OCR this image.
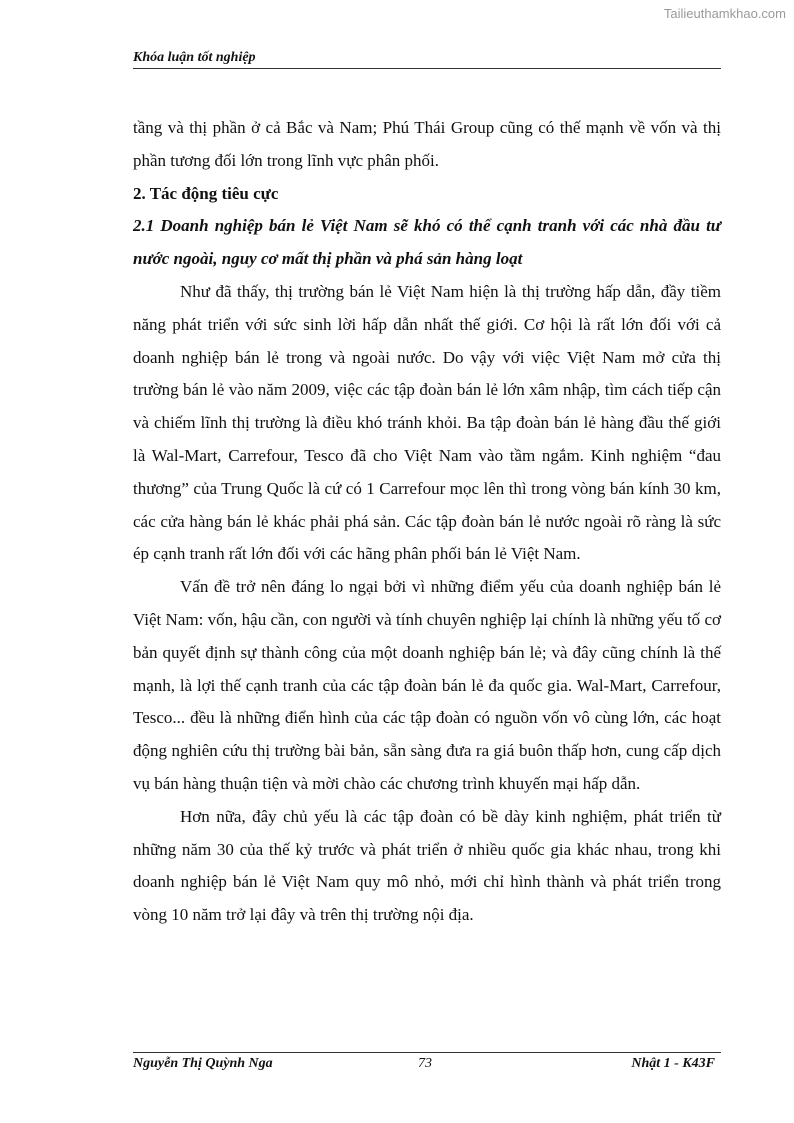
Tailieuthamkhao.com
Khóa luận tốt nghiệp

tầng và thị phần ở cả Bắc và Nam; Phú Thái Group cũng có thế mạnh về vốn và thị phần tương đối lớn trong lĩnh vực phân phối.

2. Tác động tiêu cực

2.1 Doanh nghiệp bán lẻ Việt Nam sẽ khó có thể cạnh tranh với các nhà đầu tư nước ngoài, nguy cơ mất thị phần và phá sản hàng loạt

Như đã thấy, thị trường bán lẻ Việt Nam hiện là thị trường hấp dẫn, đầy tiềm năng phát triển với sức sinh lời hấp dẫn nhất thế giới. Cơ hội là rất lớn đối với cả doanh nghiệp bán lẻ trong và ngoài nước. Do vậy với việc Việt Nam mở cửa thị trường bán lẻ vào năm 2009, việc các tập đoàn bán lẻ lớn xâm nhập, tìm cách tiếp cận và chiếm lĩnh thị trường là điều khó tránh khỏi. Ba tập đoàn bán lẻ hàng đầu thế giới là Wal-Mart, Carrefour, Tesco đã cho Việt Nam vào tầm ngắm. Kinh nghiệm “đau thương” của Trung Quốc là cứ có 1 Carrefour mọc lên thì trong vòng bán kính 30 km, các cửa hàng bán lẻ khác phải phá sản. Các tập đoàn bán lẻ nước ngoài rõ ràng là sức ép cạnh tranh rất lớn đối với các hãng phân phối bán lẻ Việt Nam.

Vấn đề trở nên đáng lo ngại bởi vì những điểm yếu của doanh nghiệp bán lẻ Việt Nam: vốn, hậu cần, con người và tính chuyên nghiệp lại chính là những yếu tố cơ bản quyết định sự thành công của một doanh nghiệp bán lẻ; và đây cũng chính là thế mạnh, là lợi thế cạnh tranh của các tập đoàn bán lẻ đa quốc gia. Wal-Mart, Carrefour, Tesco... đều là những điển hình của các tập đoàn có nguồn vốn vô cùng lớn, các hoạt động nghiên cứu thị trường bài bản, sẵn sàng đưa ra giá buôn thấp hơn, cung cấp dịch vụ bán hàng thuận tiện và mời chào các chương trình khuyến mại hấp dẫn.

Hơn nữa, đây chủ yếu là các tập đoàn có bề dày kinh nghiệm, phát triển từ những năm 30 của thế kỷ trước và phát triển ở nhiều quốc gia khác nhau, trong khi doanh nghiệp bán lẻ Việt Nam quy mô nhỏ, mới chỉ hình thành và phát triển trong vòng 10 năm trở lại đây và trên thị trường nội địa.

Nguyễn Thị Quỳnh Nga	73	Nhật 1 - K43F
